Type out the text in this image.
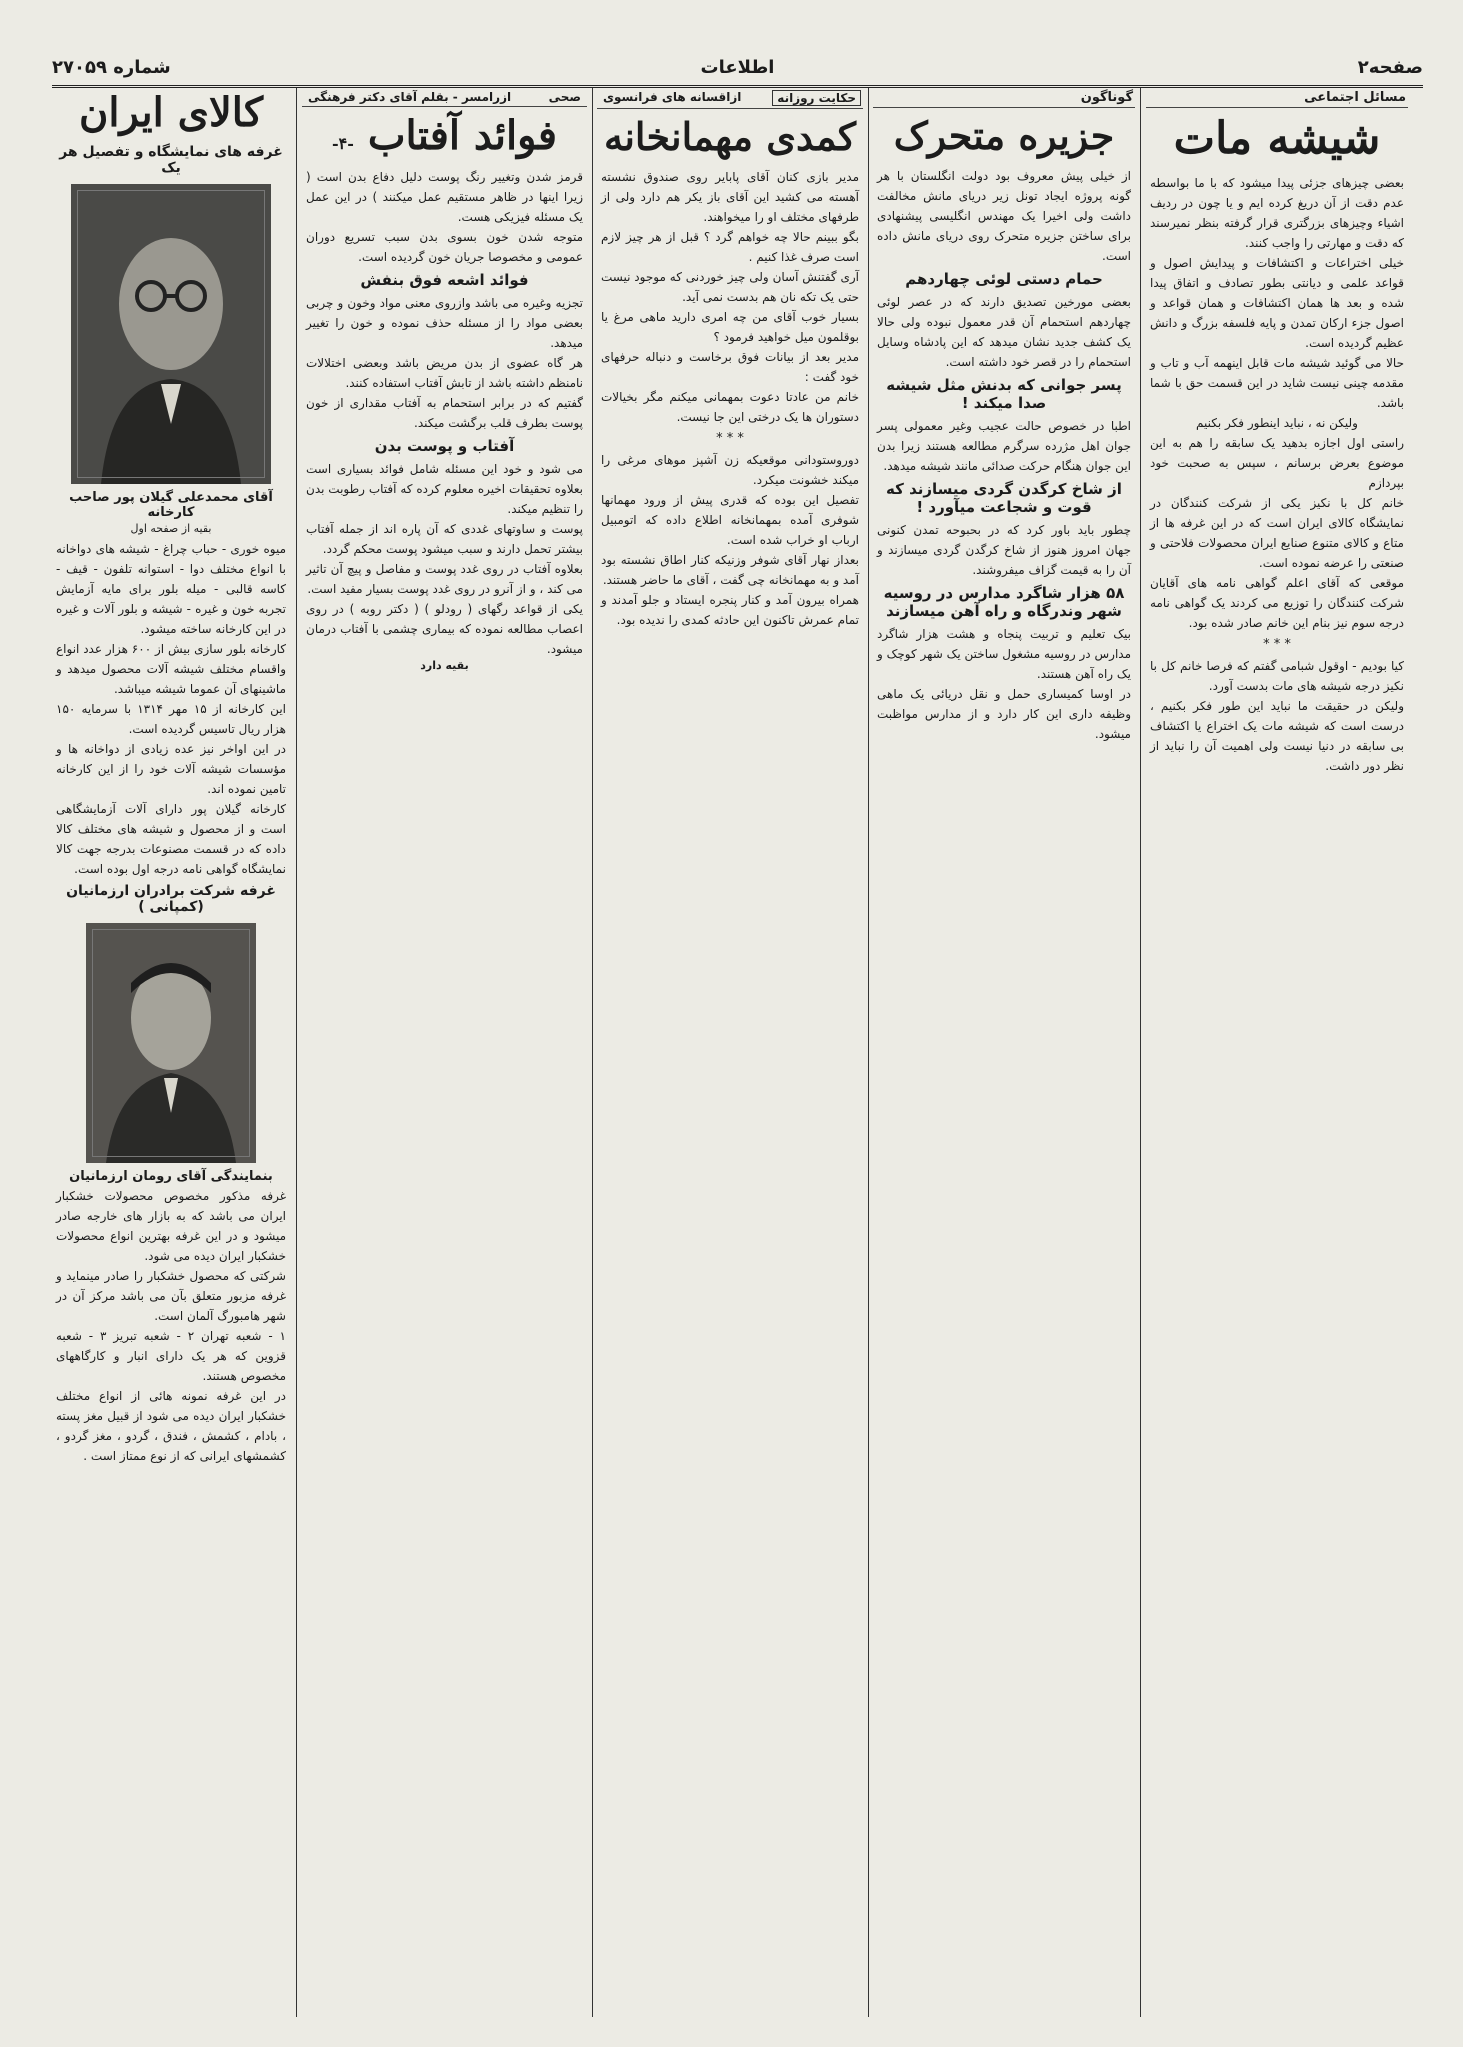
صفحه۲
اطلاعات
شماره ۲۷۰۵۹
مسائل اجتماعی
شیشه مات

بعضی چیزهای جزئی پیدا میشود که با ما بواسطه عدم دقت از آن دریغ کرده ایم و یا چون در ردیف اشیاء وچیزهای بزرگتری قرار گرفته بنظر نمیرسند که دقت و مهارتی را واجب کنند.

خیلی اختراعات و اکتشافات و پیدایش اصول و قواعد علمی و دیانتی بطور تصادف و اتفاق پیدا شده و بعد ها همان اکتشافات و همان قواعد و اصول جزء ارکان تمدن و پایه فلسفه بزرگ و دانش عظیم گردیده است.

حالا می گوئید شیشه مات قابل اینهمه آب و تاب و مقدمه چینی نیست شاید در این قسمت حق با شما باشد.

ولیکن نه ، نباید اینطور فکر بکنیم

راستی اول اجازه بدهید یک سابقه را هم به این موضوع بعرض برسانم ، سپس به صحبت خود بپردازم

خانم کل با نکیز یکی از شرکت کنندگان در نمایشگاه کالای ایران است که در این غرفه ها از متاع و کالای متنوع صنایع ایران محصولات فلاحتی و صنعتی را عرضه نموده است.

موقعی که آقای اعلم گواهی نامه های آقایان شرکت کنندگان را توزیع می کردند یک گواهی نامه درجه سوم نیز بنام این خانم صادر شده بود.

* * *

کیا بودیم - اوقول شبامی گفتم که فرصا خانم کل با نکیز درجه شیشه های مات بدست آورد.

ولیکن در حقیقت ما نباید این طور فکر بکنیم ، درست است که شیشه مات یک اختراع یا اکتشاف بی سابقه در دنیا نیست ولی اهمیت آن را نباید از نظر دور داشت.

گوناگون
جزیره متحرک

از خیلی پیش معروف بود دولت انگلستان با هر گونه پروژه ایجاد تونل زیر دریای مانش مخالفت داشت ولی اخیرا یک مهندس انگلیسی پیشنهادی برای ساختن جزیره متحرک روی دریای مانش داده است.

حمام دستی لوئی چهاردهم

بعضی مورخین تصدیق دارند که در عصر لوئی چهاردهم استحمام آن قدر معمول نبوده ولی حالا یک کشف جدید نشان میدهد که این پادشاه وسایل استحمام را در قصر خود داشته است.

پسر جوانی که بدنش مثل شیشه صدا میکند !

اطبا در خصوص حالت عجیب وغیر معمولی پسر جوان اهل مژرده سرگرم مطالعه هستند زیرا بدن این جوان هنگام حرکت صدائی مانند شیشه میدهد.

از شاخ کرگدن گردی میسازند که قوت و شجاعت میآورد !

چطور باید باور کرد که در بحبوحه تمدن کنونی جهان امروز هنوز از شاخ کرگدن گردی میسازند و آن را به قیمت گزاف میفروشند.

۵۸ هزار شاگرد مدارس در روسیه شهر وندرگاه و راه آهن میسازند

بیک تعلیم و تربیت پنجاه و هشت هزار شاگرد مدارس در روسیه مشغول ساختن یک شهر کوچک و یک راه آهن هستند.

در اوسا کمیساری حمل و نقل دریائی یک ماهی وظیفه داری این کار دارد و از مدارس مواظبت میشود.

حکایت روزانه
ازاقسانه های فرانسوی
کمدی مهمانخانه

مدیر بازی کنان آقای پابایر روی صندوق نشسته آهسته می کشید این آقای باز یکر هم دارد ولی از طرفهای مختلف او را میخواهند.

بگو ببینم حالا چه خواهم گرد ؟ قبل از هر چیز لازم است صرف غذا کنیم .

آری گفتنش آسان ولی چیز خوردنی که موجود نیست حتی یک تکه نان هم بدست نمی آید.

بسیار خوب آقای من چه امری دارید ماهی مرغ یا بوقلمون میل خواهید فرمود ؟

مدیر بعد از بیانات فوق برخاست و دنباله حرفهای خود گفت :

خانم من عادتا دعوت بمهمانی میکنم مگر بخیالات دستوران ها یک درختی این جا نیست.

* * *

دوروستودانی موقعیکه زن آشپز موهای مرغی را میکند خشونت میکرد.

تفصیل این بوده که قدری پیش از ورود مهمانها شوفری آمده بمهمانخانه اطلاع داده که اتومبیل ارباب او خراب شده است.

بعداز نهار آقای شوفر وزنیکه کنار اطاق نشسته بود آمد و به مهمانخانه چی گفت ، آقای ما حاضر هستند.

همراه بیرون آمد و کنار پنجره ایستاد و جلو آمدند و تمام عمرش تاکنون این حادثه کمدی را ندیده بود.

صحی
ازرامسر - بقلم آقای دکتر فرهنگی
فوائد آفتاب -۴-

قرمز شدن وتغییر رنگ پوست دلیل دفاع بدن است ( زیرا اینها در ظاهر مستقیم عمل میکنند ) در این عمل یک مسئله فیزیکی هست.

متوجه شدن خون بسوی بدن سبب تسریع دوران عمومی و مخصوصا جریان خون گردیده است.

فوائد اشعه فوق بنفش

تجزیه وغیره می باشد وازروی معنی مواد وخون و چربی بعضی مواد را از مسئله حذف نموده و خون را تغییر میدهد.

هر گاه عضوی از بدن مریض باشد وبعضی اختلالات نامنظم داشته باشد از تابش آفتاب استفاده کنند.

گفتیم که در برابر استحمام به آفتاب مقداری از خون پوست بطرف قلب برگشت میکند.

آفتاب و پوست بدن

می شود و خود این مسئله شامل فوائد بسیاری است بعلاوه تحقیقات اخیره معلوم کرده که آفتاب رطوبت بدن را تنظیم میکند.

پوست و ساوتهای غددی که آن پاره اند از جمله آفتاب بیشتر تحمل دارند و سبب میشود پوست محکم گردد.

بعلاوه آفتاب در روی غدد پوست و مفاصل و پیچ آن تاثیر می کند ، و از آنرو در روی غدد پوست بسیار مفید است.

یکی از قواعد رگهای ( رودلو ) ( دکتر روبه ) در روی اعصاب مطالعه نموده که بیماری چشمی با آفتاب درمان میشود.

بقیه دارد
کالای ایران
غرفه های نمایشگاه و تفصیل هر یک
آقای محمدعلی گیلان پور صاحب کارخانه
بقیه از صفحه اول

میوه خوری - حباب چراغ - شیشه های دواخانه با انواع مختلف دوا - استوانه تلفون - قیف - کاسه قالبی - میله بلور برای مایه آزمایش تجربه خون و غیره - شیشه و بلور آلات و غیره در این کارخانه ساخته میشود.

کارخانه بلور سازی بیش از ۶۰۰ هزار عدد انواع واقسام مختلف شیشه آلات محصول میدهد و ماشینهای آن عموما شیشه میباشد.

این کارخانه از ۱۵ مهر ۱۳۱۴ با سرمایه ۱۵۰ هزار ریال تاسیس گردیده است.

در این اواخر نیز عده زیادی از دواخانه ها و مؤسسات شیشه آلات خود را از این کارخانه تامین نموده اند.

کارخانه گیلان پور دارای آلات آزمایشگاهی است و از محصول و شیشه های مختلف کالا داده که در قسمت مصنوعات بدرجه جهت کالا نمایشگاه گواهی نامه درجه اول بوده است.

غرفه شرکت برادران ارزمانیان (کمپانی )
بنمایندگی آقای رومان ارزمانیان

غرفه مذکور مخصوص محصولات خشکبار ایران می باشد که به بازار های خارجه صادر میشود و در این غرفه بهترین انواع محصولات خشکبار ایران دیده می شود.

شرکتی که محصول خشکبار را صادر مینماید و غرفه مزبور متعلق بآن می باشد مرکز آن در شهر هامبورگ آلمان است.

۱ - شعبه تهران ۲ - شعبه تبریز ۳ - شعبه قزوین که هر یک دارای انبار و کارگاههای مخصوص هستند.

در این غرفه نمونه هائی از انواع مختلف خشکبار ایران دیده می شود از قبیل مغز پسته ، بادام ، کشمش ، فندق ، گردو ، مغز گردو ، کشمشهای ایرانی که از نوع ممتاز است .
